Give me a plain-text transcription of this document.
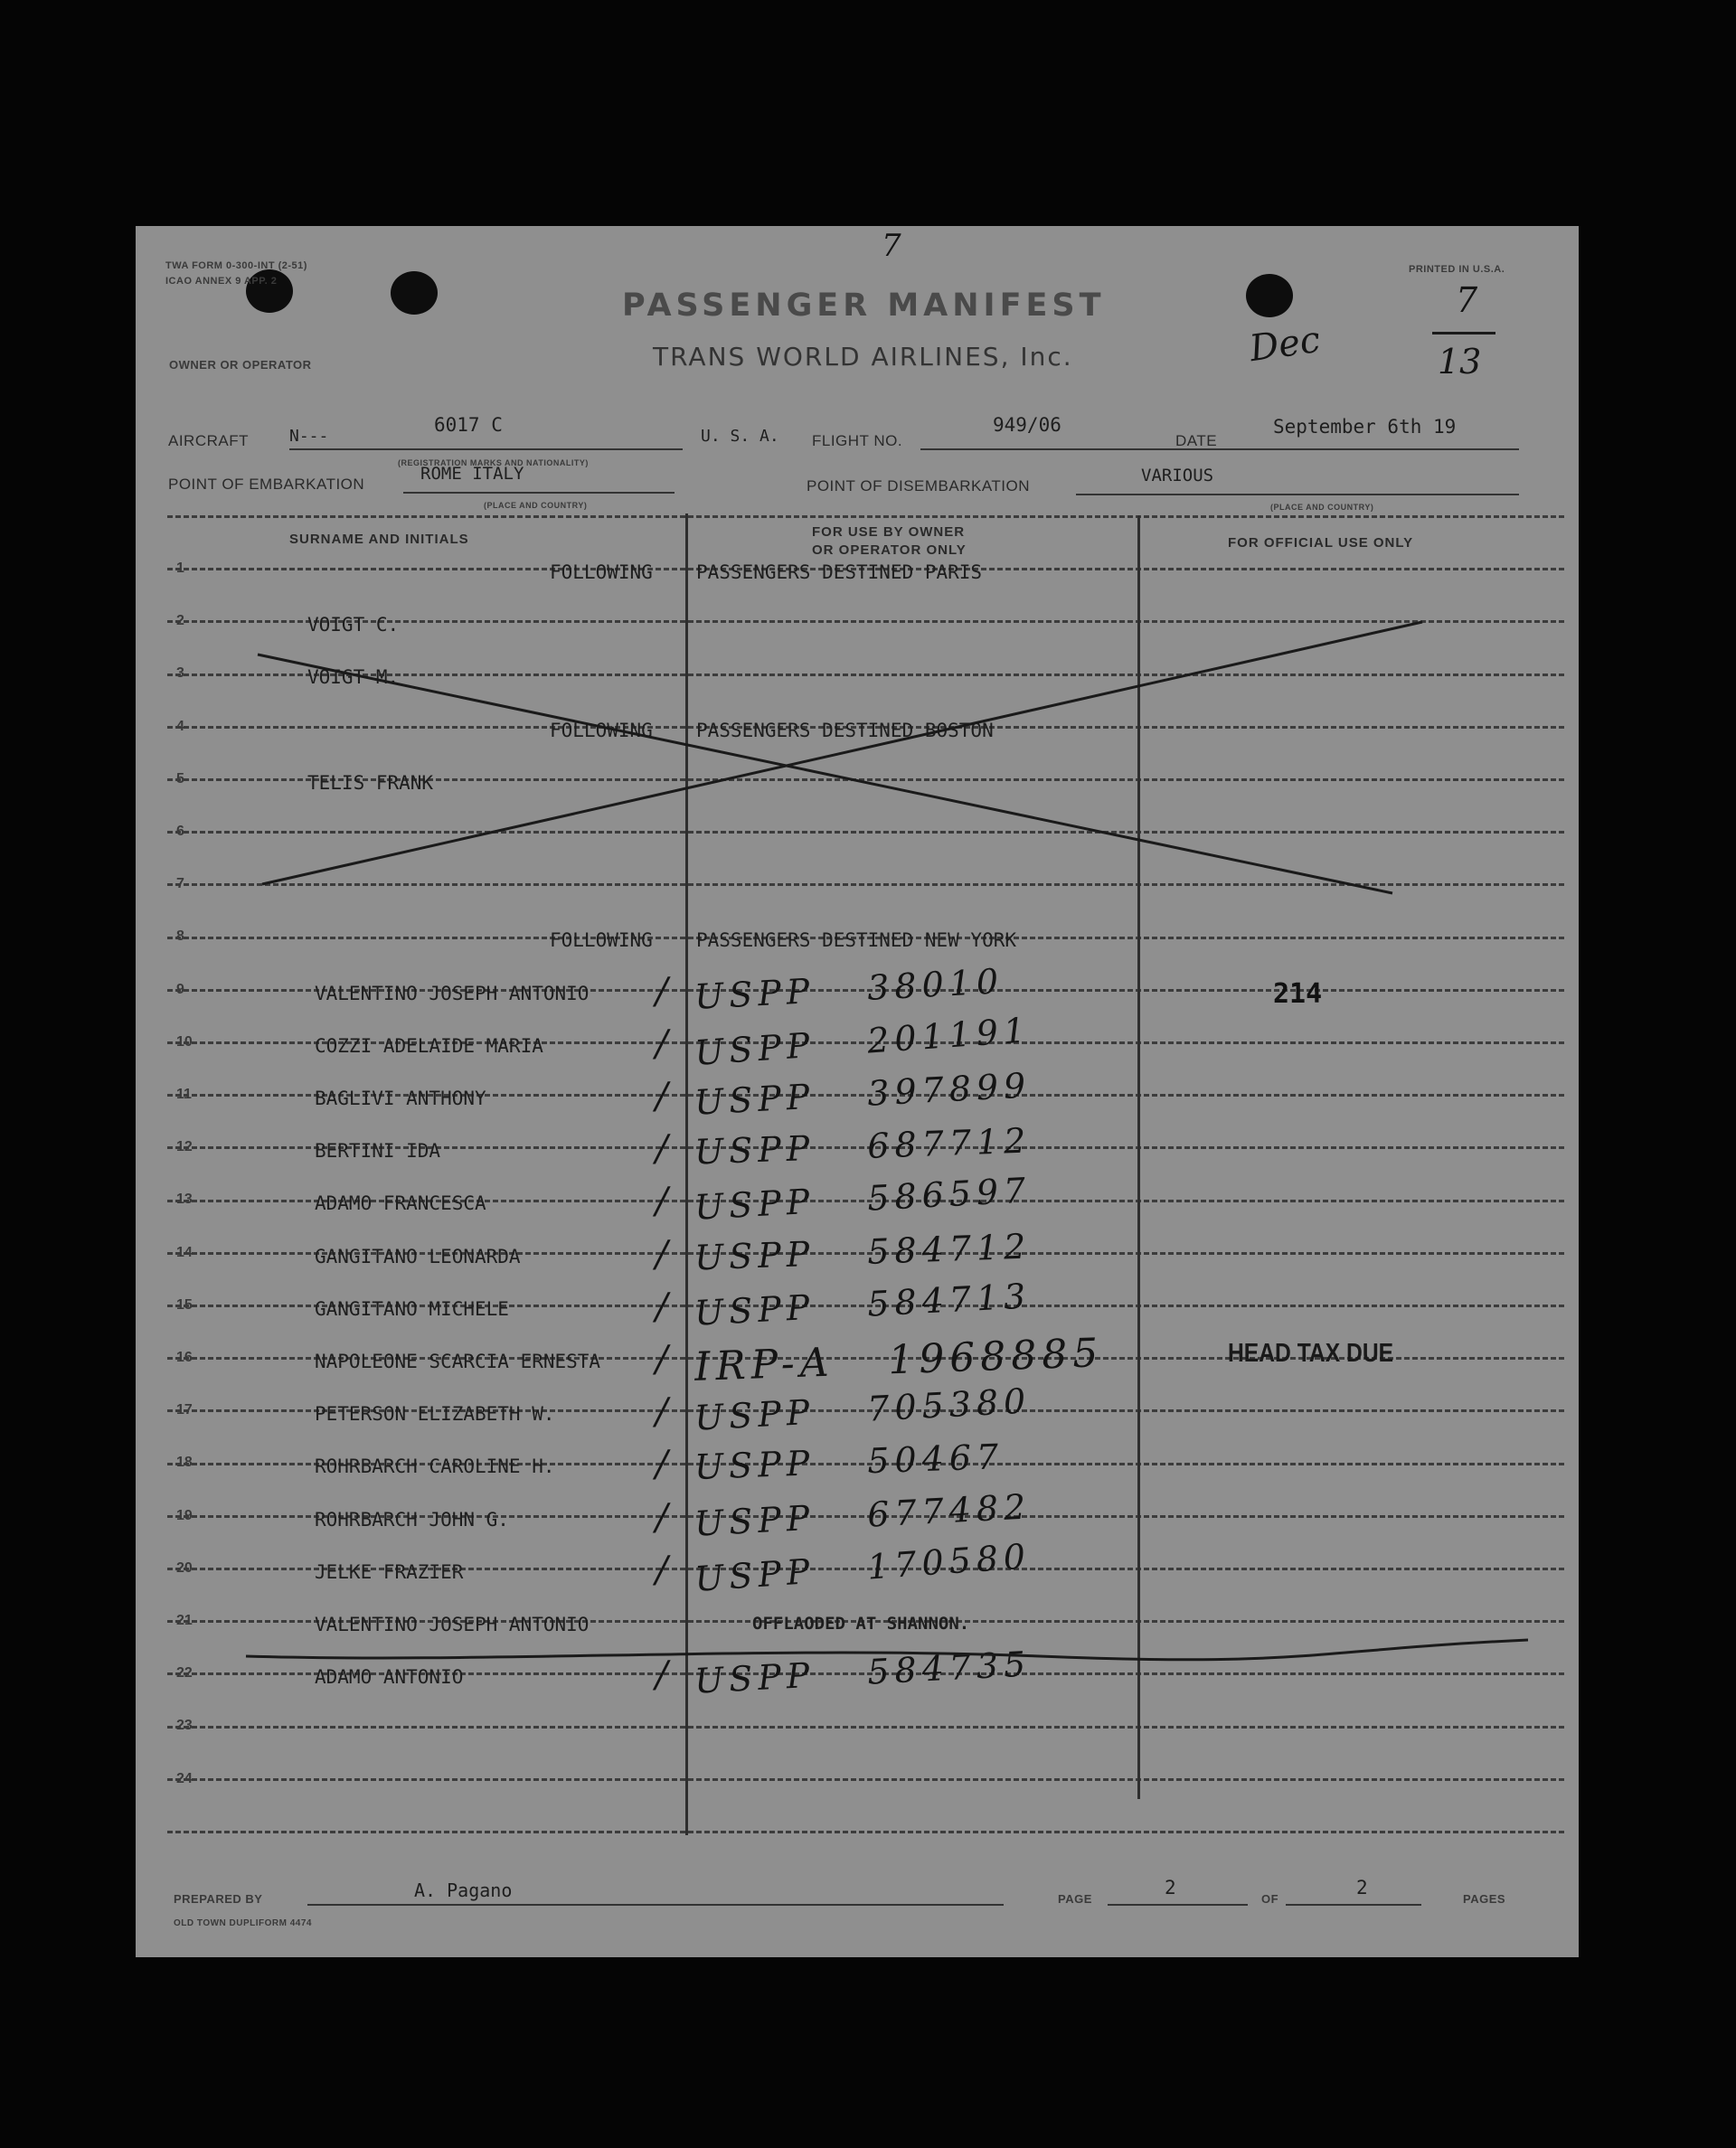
TWA FORM 0-300-INT (2-51)
ICAO ANNEX 9 APP. 2
PRINTED IN U.S.A.
7
PASSENGER MANIFEST
TRANS WORLD AIRLINES, Inc.
OWNER OR OPERATOR	Dec
7
13
AIRCRAFT	N---
6017 C
U. S. A. FLIGHT NO.
949/06
DATE
September 6th 19
(REGISTRATION MARKS AND NATIONALITY)
POINT OF EMBARKATION
ROME ITALY
POINT OF DISEMBARKATION
VARIOUS
(PLACE AND COUNTRY)	(PLACE AND COUNTRY)
SURNAME AND INITIALS	FOR USE BY OWNER
OR OPERATOR ONLY	FOR OFFICIAL USE ONLY
1	FOLLOWING PASSENGERS DESTINED PARIS
2	VOIGT C.
3	VOIGT M.
4	FOLLOWING PASSENGERS DESTINED BOSTON
5	TELIS FRANK
6
7
8	FOLLOWING PASSENGERS DESTINED NEW YORK
9	VALENTINO JOSEPH ANTONIO / USPP 38010	214
10	COZZI ADELAIDE MARIA	/ USPP 201191
11	BAGLIVI ANTHONY	/ USPP 397899
12	BERTINI IDA	/ USPP 687712
13	ADAMO FRANCESCA	/ USPP 586597
14	GANGITANO LEONARDA	/ USPP 584712
15	GANGITANO MICHELE	/ USPP 584713
16	NAPOLEONE SCARCIA ERNESTA / IRP-A 1968885	HEAD TAX DUE
17	PETERSON ELIZABETH W.	/ USPP 705380
18	ROHRBARCH CAROLINE H.	/ USPP 50467
19	ROHRBARCH JOHN G.	/ USPP 677482
20	JELKE FRAZIER	/ USPP 170580
21	VALENTINO JOSEPH ANTONIO	OFFLAODED AT SHANNON.
22	ADAMO ANTONIO	/ USPP 584735
23
24
PREPARED BY	A. Pagano	PAGE
2
OF
2
PAGES
OLD TOWN DUPLIFORM 4474
